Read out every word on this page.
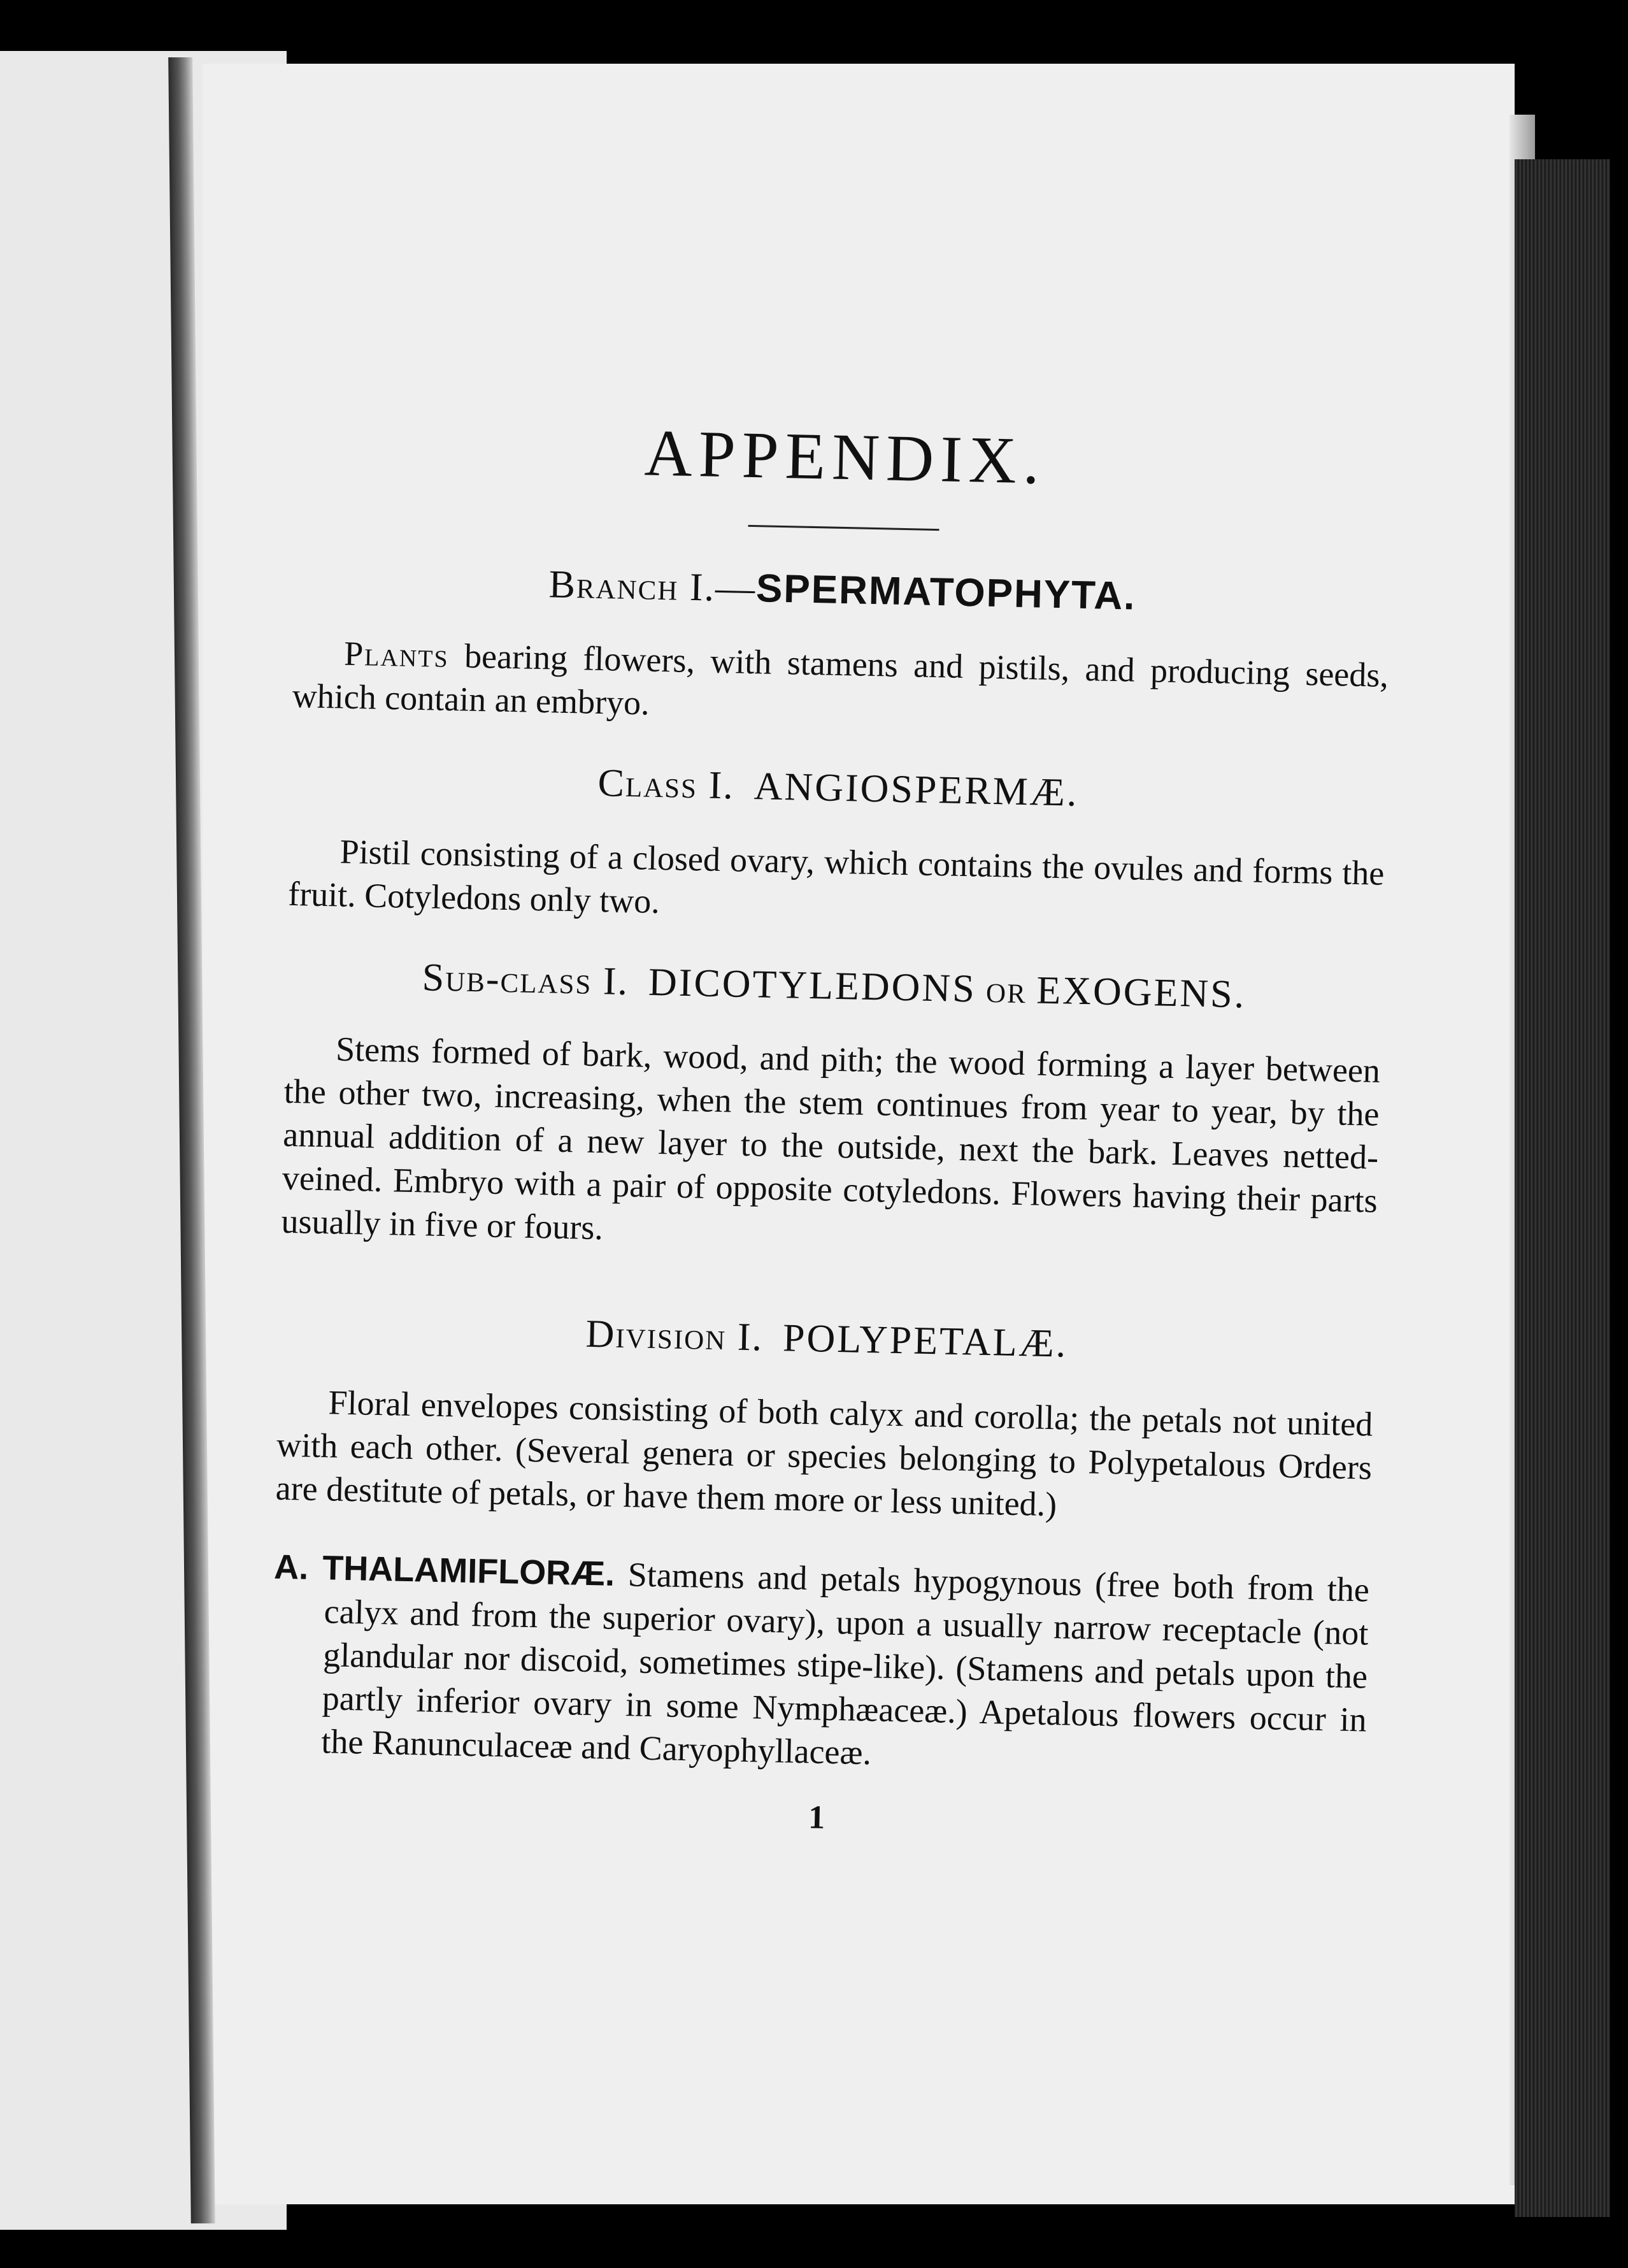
APPENDIX.
Branch I.—SPERMATOPHYTA.

Plants bearing flowers, with stamens and pistils, and producing seeds, which contain an embryo.

Class I. ANGIOSPERMÆ.

Pistil consisting of a closed ovary, which contains the ovules and forms the fruit. Cotyledons only two.

Sub-class I. DICOTYLEDONS or EXOGENS.

Stems formed of bark, wood, and pith; the wood forming a layer between the other two, increasing, when the stem continues from year to year, by the annual addition of a new layer to the outside, next the bark. Leaves netted-veined. Embryo with a pair of opposite cotyledons. Flowers having their parts usually in five or fours.

Division I. POLYPETALÆ.

Floral envelopes consisting of both calyx and corolla; the petals not united with each other. (Several genera or species belonging to Polypetalous Orders are destitute of petals, or have them more or less united.)

A. THALAMIFLORÆ. Stamens and petals hypogynous (free both from the calyx and from the superior ovary), upon a usually narrow receptacle (not glandular nor discoid, sometimes stipe-like). (Stamens and petals upon the partly inferior ovary in some Nymphæaceæ.) Apetalous flowers occur in the Ranunculaceæ and Caryophyllaceæ.

1
